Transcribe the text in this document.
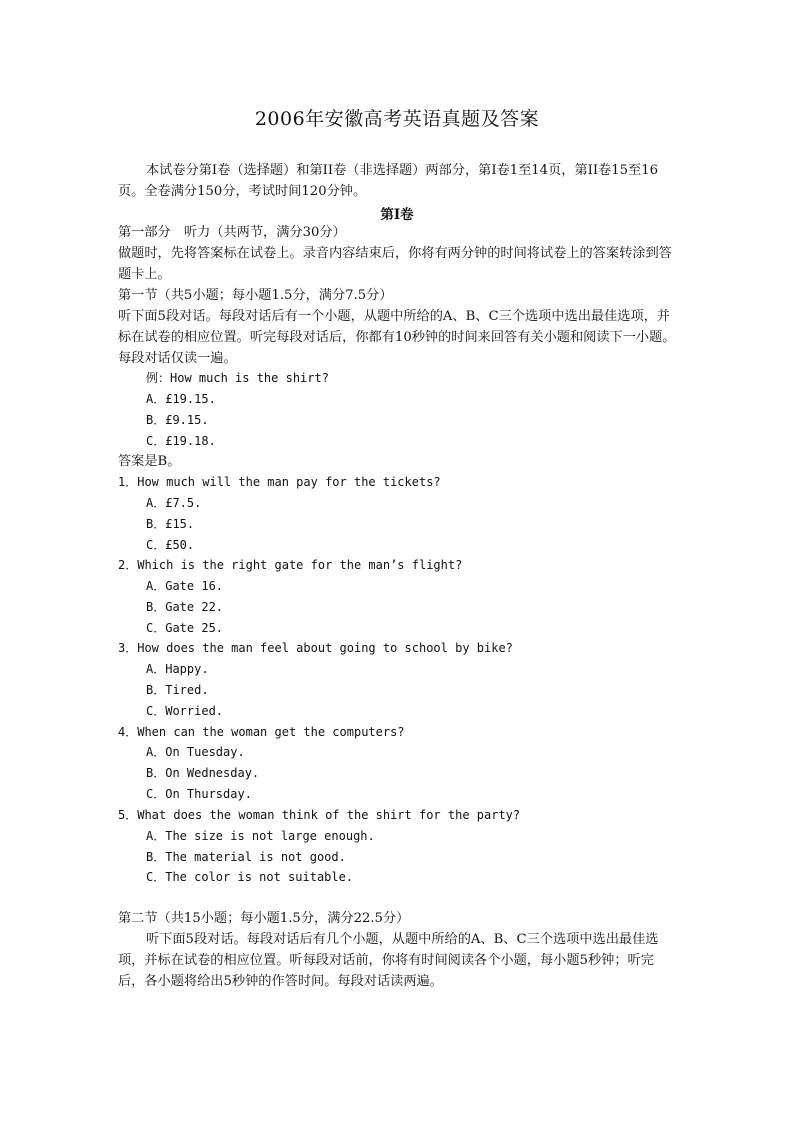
2006年安徽高考英语真题及答案

本试卷分第Ⅰ卷（选择题）和第II卷（非选择题）两部分，第Ⅰ卷1至14页，第II卷15至16页。全卷满分150分，考试时间120分钟。

第Ⅰ卷
第一部分　听力（共两节，满分30分）

做题时，先将答案标在试卷上。录音内容结束后，你将有两分钟的时间将试卷上的答案转涂到答题卡上。

第一节（共5小题；每小题1.5分，满分7.5分）

听下面5段对话。每段对话后有一个小题，从题中所给的A、B、C三个选项中选出最佳选项，并标在试卷的相应位置。听完每段对话后，你都有10秒钟的时间来回答有关小题和阅读下一小题。每段对话仅读一遍。

例：How much is the shirt?
A．£19.15.
B．£9.15.
C．£19.18.
答案是B。
1．How much will the man pay for the tickets?
A．£7.5.
B．£15.
C．£50.
2．Which is the right gate for the man’s flight?
A．Gate 16.
B．Gate 22.
C．Gate 25.
3．How does the man feel about going to school by bike?
A．Happy.
B．Tired.
C．Worried.
4．When can the woman get the computers?
A．On Tuesday.
B．On Wednesday.
C．On Thursday.
5．What does the woman think of the shirt for the party?
A．The size is not large enough.
B．The material is not good.
C．The color is not suitable.
第二节（共15小题；每小题1.5分，满分22.5分）

听下面5段对话。每段对话后有几个小题，从题中所给的A、B、C三个选项中选出最佳选项，并标在试卷的相应位置。听每段对话前，你将有时间阅读各个小题，每小题5秒钟；听完后，各小题将给出5秒钟的作答时间。每段对话读两遍。
